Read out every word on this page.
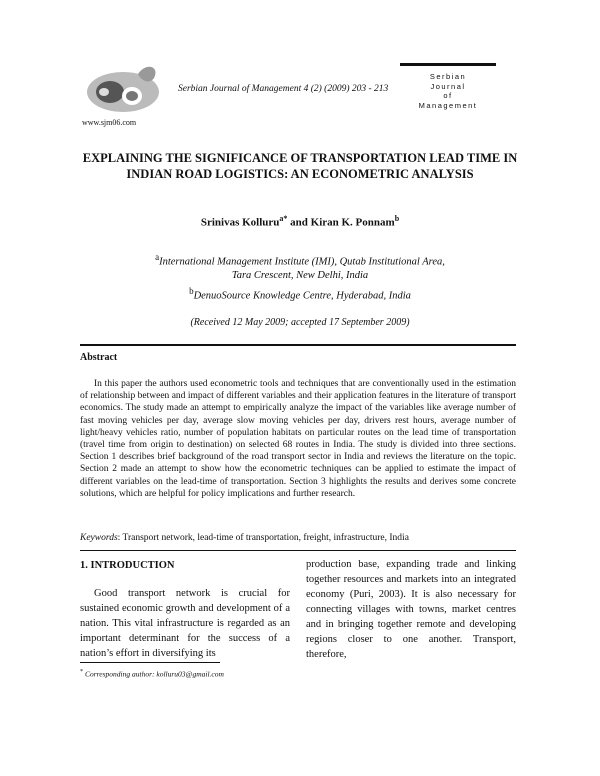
www.sjm06.com
Serbian Journal of Management 4 (2) (2009) 203 - 213
Serbian
Journal
of
Management
EXPLAINING THE SIGNIFICANCE OF TRANSPORTATION LEAD TIME IN INDIAN ROAD LOGISTICS: AN ECONOMETRIC ANALYSIS
Srinivas Kolluru$^{a*}$ and Kiran K. Ponnam$^b$
$^a$International Management Institute (IMI), Qutab Institutional Area,
Tara Crescent, New Delhi, India
$^b$DenuoSource Knowledge Centre, Hyderabad, India
(Received 12 May 2009; accepted 17 September 2009)
Abstract
In this paper the authors used econometric tools and techniques that are conventionally used in the estimation of relationship between and impact of different variables and their application features in the literature of transport economics. The study made an attempt to empirically analyze the impact of the variables like average number of fast moving vehicles per day, average slow moving vehicles per day, drivers rest hours, average number of light/heavy vehicles ratio, number of population habitats on particular routes on the lead time of transportation (travel time from origin to destination) on selected 68 routes in India. The study is divided into three sections. Section 1 describes brief background of the road transport sector in India and reviews the literature on the topic. Section 2 made an attempt to show how the econometric techniques can be applied to estimate the impact of different variables on the lead-time of transportation. Section 3 highlights the results and derives some concrete solutions, which are helpful for policy implications and further research.
Keywords: Transport network, lead-time of transportation, freight, infrastructure, India
1. INTRODUCTION
Good transport network is crucial for sustained economic growth and development of a nation. This vital infrastructure is regarded as an important determinant for the success of a nation’s effort in diversifying its
production base, expanding trade and linking together resources and markets into an integrated economy (Puri, 2003). It is also necessary for connecting villages with towns, market centres and in bringing together remote and developing regions closer to one another. Transport, therefore,
* Corresponding author: kolluru03@gmail.com
